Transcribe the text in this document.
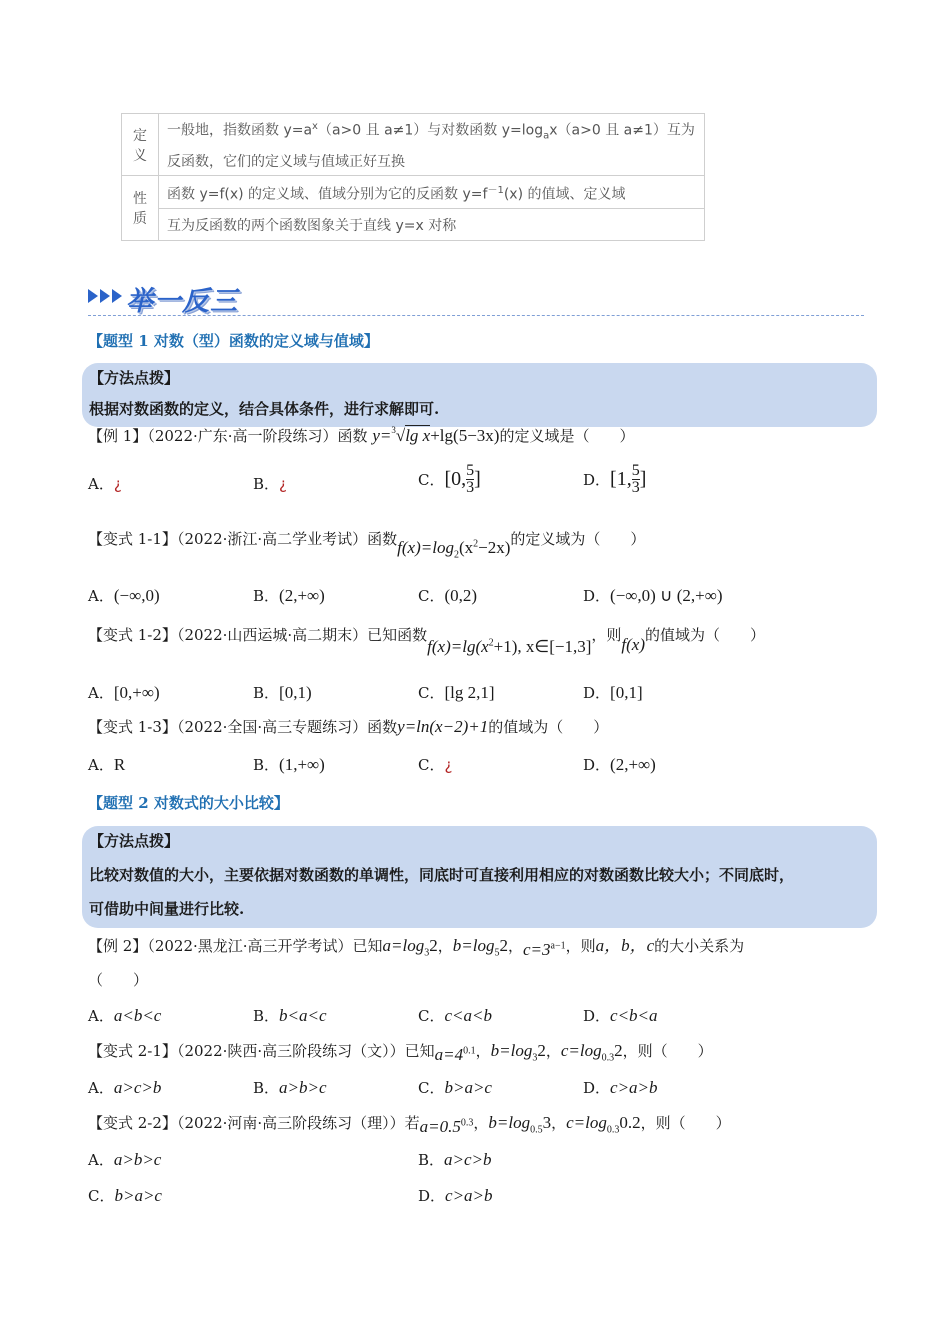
定义	一般地，指数函数 $y=a^x(a>0$ 且 a≠1）与对数函数 $y=\log_ax(a>0$ 且 a≠1）互为
反函数，它们的定义域与值域正好互换
性质	函数 y=f(x) 的定义域、值域分别为它的反函数 $y=f^{-1}(x)$ 的值域、定义域
	互为反函数的两个函数图象关于直线 y=x 对称
举一反三
【题型 1 对数（型）函数的定义域与值域】
【方法点拨】
根据对数函数的定义，结合具体条件，进行求解即可.
【例 1】（2022·广东·高一阶段练习）函数 y=$^3$√lg x+lg(5−3x)的定义域是（　　）
A．¿	B．¿	C．[0, $\frac{5}{3}$ ]	D．[1, $\frac{5}{3}$ ]
【变式 1-1】（2022·浙江·高二学业考试）函数$f(x)=\log_2(x^2-2x)$的定义域为（　　）
A．(−∞,0)	B．(2,+∞)	C．(0,2)	D．(−∞,0) ∪ (2,+∞)
【变式 1-2】（2022·山西运城·高二期末）已知函数$f(x)=\lg(x^2+1)$, x∈[−1,3]，则f(x)的值域为（　　）
A．[0,+∞)	B．[0,1)	C．[lg 2,1]	D．[0,1]
【变式 1-3】（2022·全国·高三专题练习）函数y=ln(x−2)+1的值域为（　　）
A．R	B．(1,+∞)	C．¿	D．(2,+∞)
【题型 2 对数式的大小比较】
【方法点拨】
比较对数值的大小，主要依据对数函数的单调性，同底时可直接利用相应的对数函数比较大小；不同底时，
可借助中间量进行比较.
【例 2】（2022·黑龙江·高三开学考试）已知$a=\log_32$，$b=\log_52$，$c=3^{a-1}$，则a，b，c的大小关系为
（　　）
A．a<b<c	B．b<a<c	C．c<a<b	D．c<b<a
【变式 2-1】（2022·陕西·高三阶段练习（文））已知$a=4^{0.1}$，$b=\log_32$，$c=\log_{0.3}2$，则（　　）
A．a>c>b	B．a>b>c	C．b>a>c	D．c>a>b
【变式 2-2】（2022·河南·高三阶段练习（理））若$a=0.5^{0.3}$，$b=\log_{0.5}3$，$c=\log_{0.3}0.2$，则（　　）
A．a>b>c	B．a>c>b
C．b>a>c	D．c>a>b
